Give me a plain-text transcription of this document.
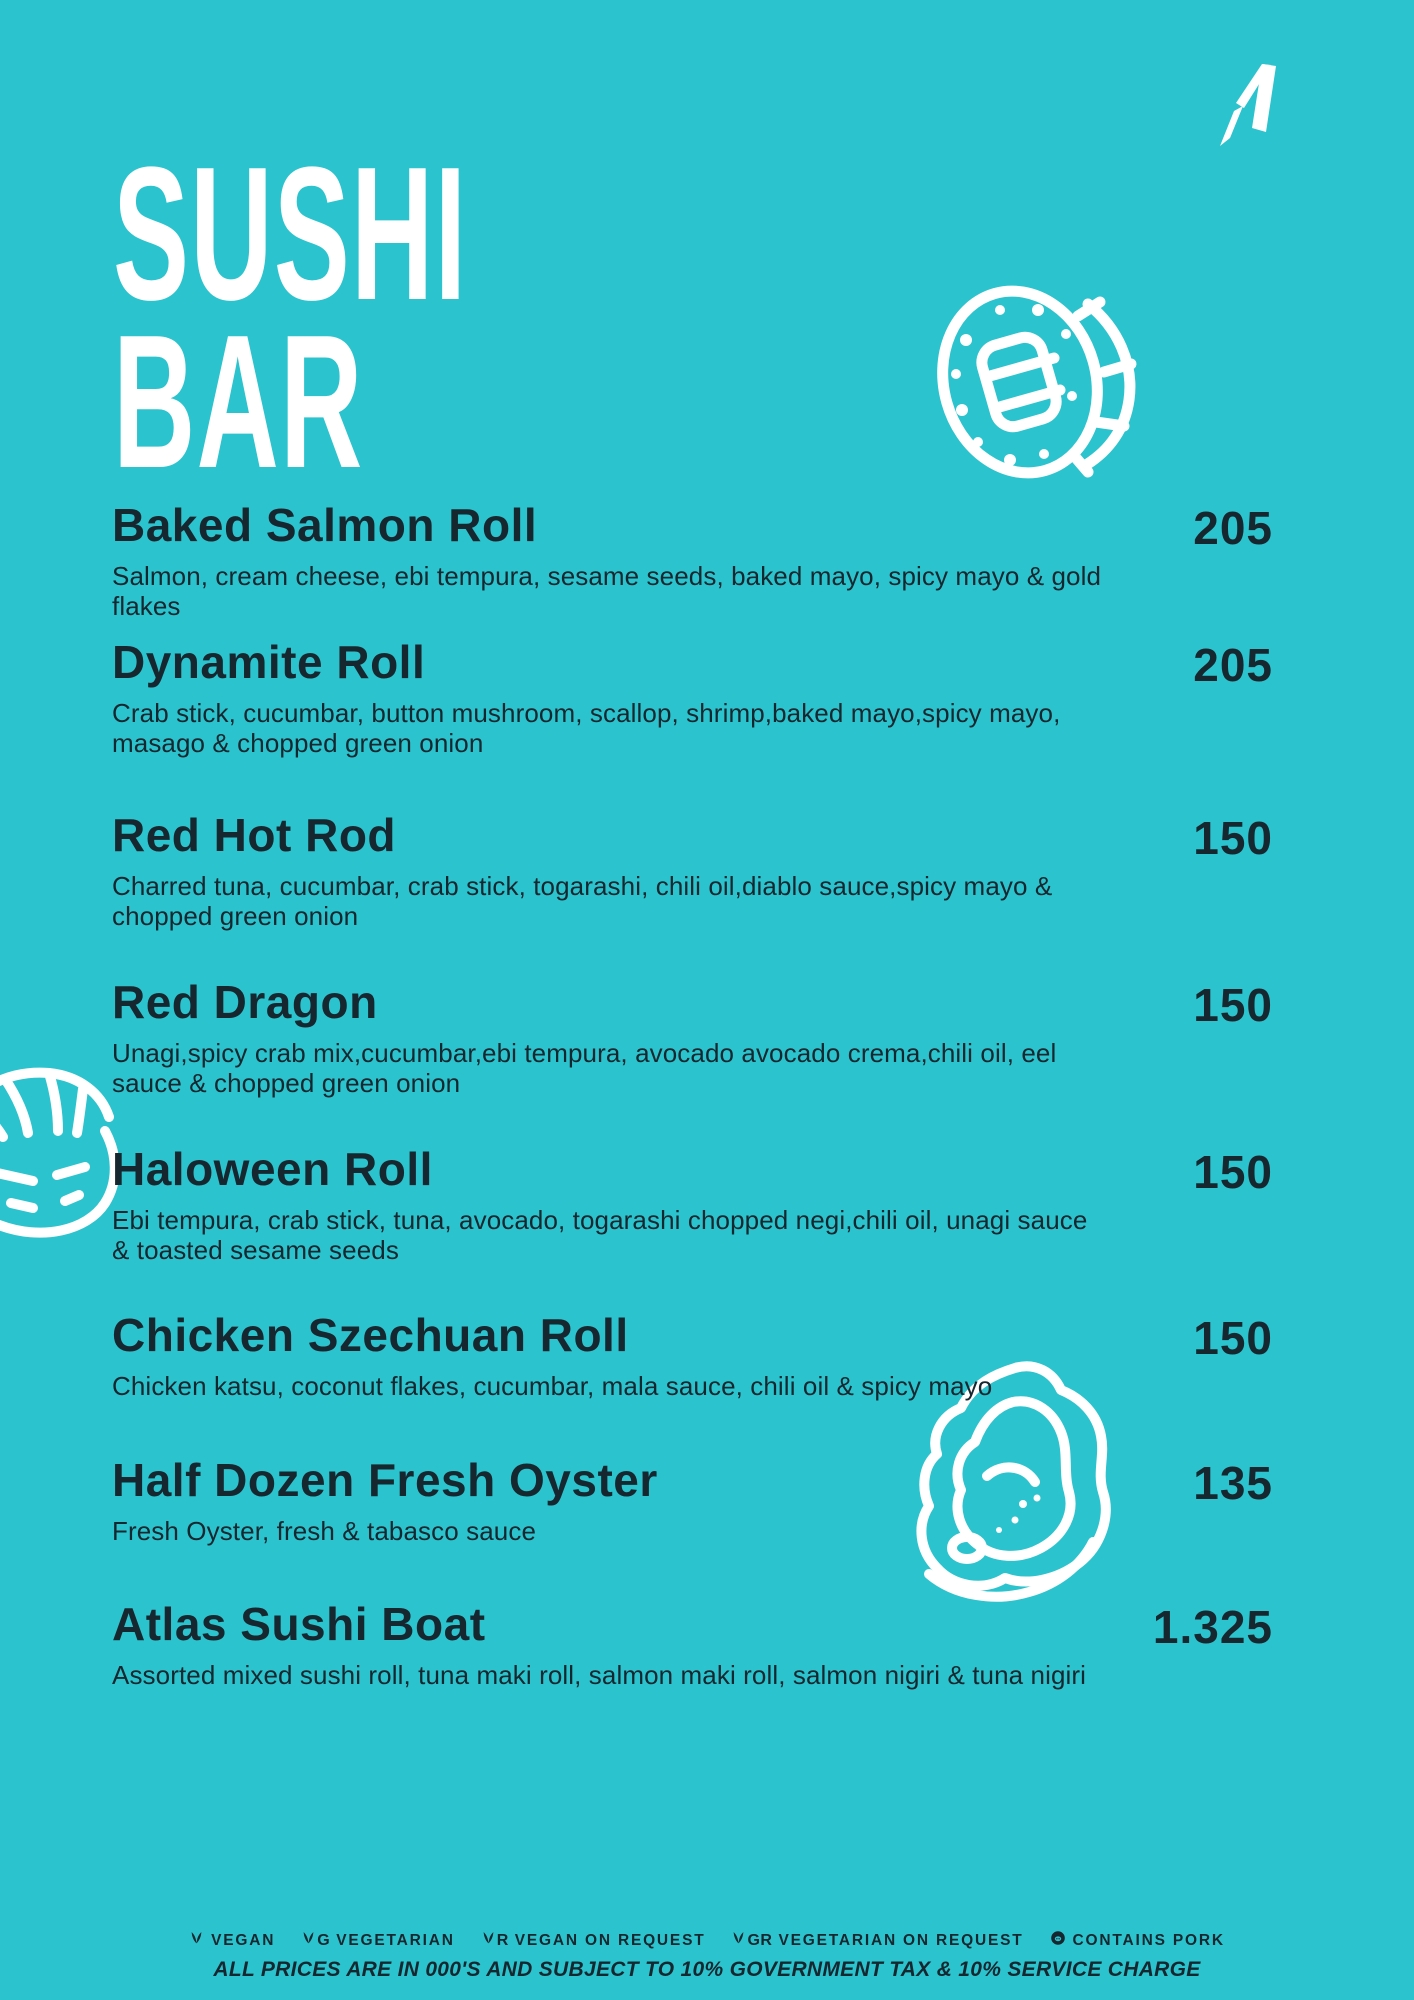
SUSHI
BAR
Baked Salmon Roll
Salmon, cream cheese, ebi tempura, sesame seeds, baked mayo, spicy mayo & gold flakes
205
Dynamite Roll
Crab stick, cucumbar, button mushroom, scallop, shrimp,baked mayo,spicy mayo, masago & chopped green onion
205
Red Hot Rod
Charred tuna, cucumbar, crab stick, togarashi, chili oil,diablo sauce,spicy mayo & chopped green onion
150
Red Dragon
Unagi,spicy crab mix,cucumbar,ebi tempura, avocado avocado crema,chili oil, eel sauce & chopped green onion
150
Haloween Roll
Ebi tempura, crab stick, tuna, avocado, togarashi chopped negi,chili oil, unagi sauce & toasted sesame seeds
150
Chicken Szechuan Roll
Chicken katsu, coconut flakes, cucumbar, mala sauce, chili oil & spicy mayo
150
Half Dozen Fresh Oyster
Fresh Oyster, fresh & tabasco sauce
135
Atlas Sushi Boat
Assorted mixed sushi roll, tuna maki roll, salmon maki roll, salmon nigiri & tuna nigiri
1.325
VEGAN	G VEGETARIAN	R VEGAN ON REQUEST	GR VEGETARIAN ON REQUEST	CONTAINS PORK
ALL PRICES ARE IN 000'S AND SUBJECT TO 10% GOVERNMENT TAX & 10% SERVICE CHARGE
